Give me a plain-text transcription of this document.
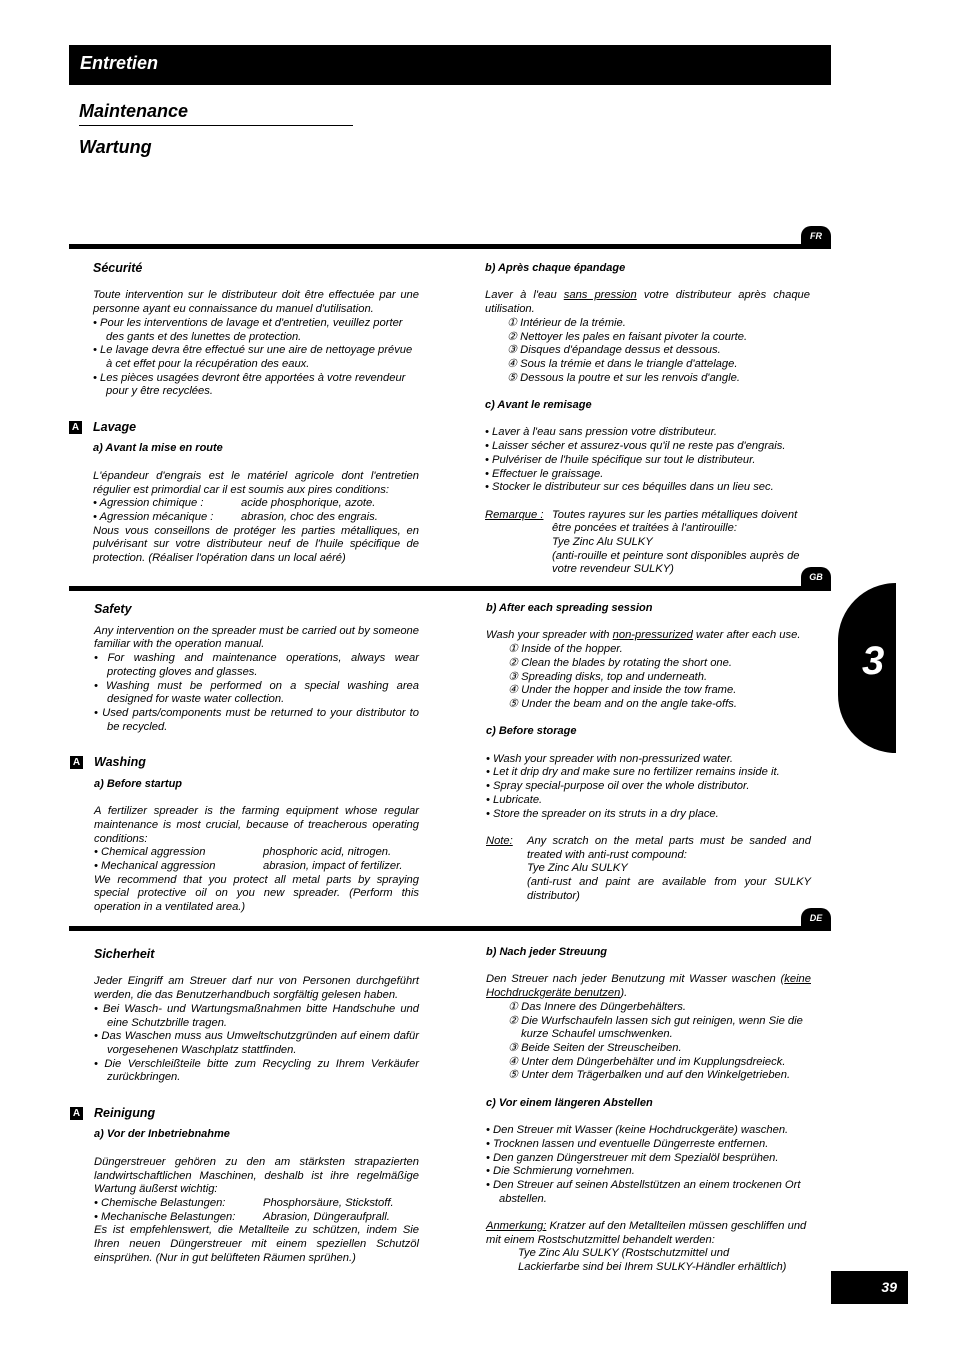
Entretien
Maintenance
Wartung
FR

Sécurité

Toute intervention sur le distributeur doit être effectuée par une personne ayant eu connaissance du manuel d'utilisation.

• Pour les interventions de lavage et d'entretien, veuillez porter des gants et des lunettes de protection.

• Le lavage devra être effectué sur une aire de nettoyage prévue à cet effet pour la récupération des eaux.

• Les pièces usagées devront être apportées à votre revendeur pour y être recyclées.

A Lavage

a) Avant la mise en route

L'épandeur d'engrais est le matériel agricole dont l'entretien régulier est primordial car il est soumis aux pires conditions:

• Agression chimique :	acide phosphorique, azote.

• Agression mécanique : abrasion, choc des engrais.

Nous vous conseillons de protéger les parties métalliques, en pulvérisant sur votre distributeur neuf de l'huile spécifique de protection. (Réaliser l'opération dans un local aéré)

b) Après chaque épandage

Laver à l'eau sans pression votre distributeur après chaque utilisation.

① Intérieur de la trémie.

② Nettoyer les pales en faisant pivoter la courte.

③ Disques d'épandage dessus et dessous.

④ Sous la trémie et dans le triangle d'attelage.

⑤ Dessous la poutre et sur les renvois d'angle.

c) Avant le remisage

• Laver à l'eau sans pression votre distributeur.

• Laisser sécher et assurez-vous qu'il ne reste pas d'engrais.

• Pulvériser de l'huile spécifique sur tout le distributeur.

• Effectuer le graissage.

• Stocker le distributeur sur ces béquilles dans un lieu sec.

Remarque : Toutes rayures sur les parties métalliques doivent être poncées et traitées à l'antirouille:

Tye Zinc Alu SULKY

(anti-rouille et peinture sont disponibles auprès de votre revendeur SULKY)

GB

Safety

Any intervention on the spreader must be carried out by someone familiar with the operation manual.

• For washing and maintenance operations, always wear protecting gloves and glasses.

• Washing must be performed on a special washing area designed for waste water collection.

• Used parts/components must be returned to your distributor to be recycled.

A Washing

a) Before startup

A fertilizer spreader is the farming equipment whose regular maintenance is most crucial, because of treacherous operating conditions:

• Chemical aggression	phosphoric acid, nitrogen.

• Mechanical aggression	abrasion, impact of fertilizer.

We recommend that you protect all metal parts by spraying special protective oil on you new spreader. (Perform this operation in a ventilated area.)

b) After each spreading session

Wash your spreader with non-pressurized water after each use.

① Inside of the hopper.

② Clean the blades by rotating the short one.

③ Spreading disks, top and underneath.

④ Under the hopper and inside the tow frame.

⑤ Under the beam and on the angle take-offs.

c) Before storage

• Wash your spreader with non-pressurized water.

• Let it drip dry and make sure no fertilizer remains inside it.

• Spray special-purpose oil over the whole distributor.

• Lubricate.

• Store the spreader on its struts in a dry place.

Note:	Any scratch on the metal parts must be sanded and treated with anti-rust compound:

Tye Zinc Alu SULKY

(anti-rust and paint are available from your SULKY distributor)

3
DE

Sicherheit

Jeder Eingriff am Streuer darf nur von Personen durchgeführt werden, die das Benutzerhandbuch sorgfältig gelesen haben.

• Bei Wasch- und Wartungsmaßnahmen bitte Handschuhe und eine Schutzbrille tragen.

• Das Waschen muss aus Umweltschutzgründen auf einem dafür vorgesehenen Waschplatz stattfinden.

• Die Verschleißteile bitte zum Recycling zu Ihrem Verkäufer zurückbringen.

A Reinigung

a) Vor der Inbetriebnahme

Düngerstreuer gehören zu den am stärksten strapazierten landwirtschaftlichen Maschinen, deshalb ist ihre regelmäßige Wartung äußerst wichtig:

• Chemische Belastungen:	Phosphorsäure, Stickstoff.

• Mechanische Belastungen: Abrasion, Düngeraufprall.

Es ist empfehlenswert, die Metallteile zu schützen, indem Sie Ihren neuen Düngerstreuer mit einem speziellen Schutzöl einsprühen. (Nur in gut belüfteten Räumen sprühen.)

b) Nach jeder Streuung

Den Streuer nach jeder Benutzung mit Wasser waschen (keine Hochdruckgeräte benutzen).

① Das Innere des Düngerbehälters.

② Die Wurfschaufeln lassen sich gut reinigen, wenn Sie die kurze Schaufel umschwenken.

③ Beide Seiten der Streuscheiben.

④ Unter dem Düngerbehälter und im Kupplungsdreieck.

⑤ Unter dem Trägerbalken und auf den Winkelgetrieben.

c) Vor einem längeren Abstellen

• Den Streuer mit Wasser (keine Hochdruckgeräte) waschen.

• Trocknen lassen und eventuelle Düngerreste entfernen.

• Den ganzen Düngerstreuer mit dem Spezialöl besprühen.

• Die Schmierung vornehmen.

• Den Streuer auf seinen Abstellstützen an einem trockenen Ort abstellen.

Anmerkung: Kratzer auf den Metallteilen müssen geschliffen und mit einem Rostschutzmittel behandelt werden:

Tye Zinc Alu SULKY (Rostschutzmittel und

Lackierfarbe sind bei Ihrem SULKY-Händler erhältlich)

39
